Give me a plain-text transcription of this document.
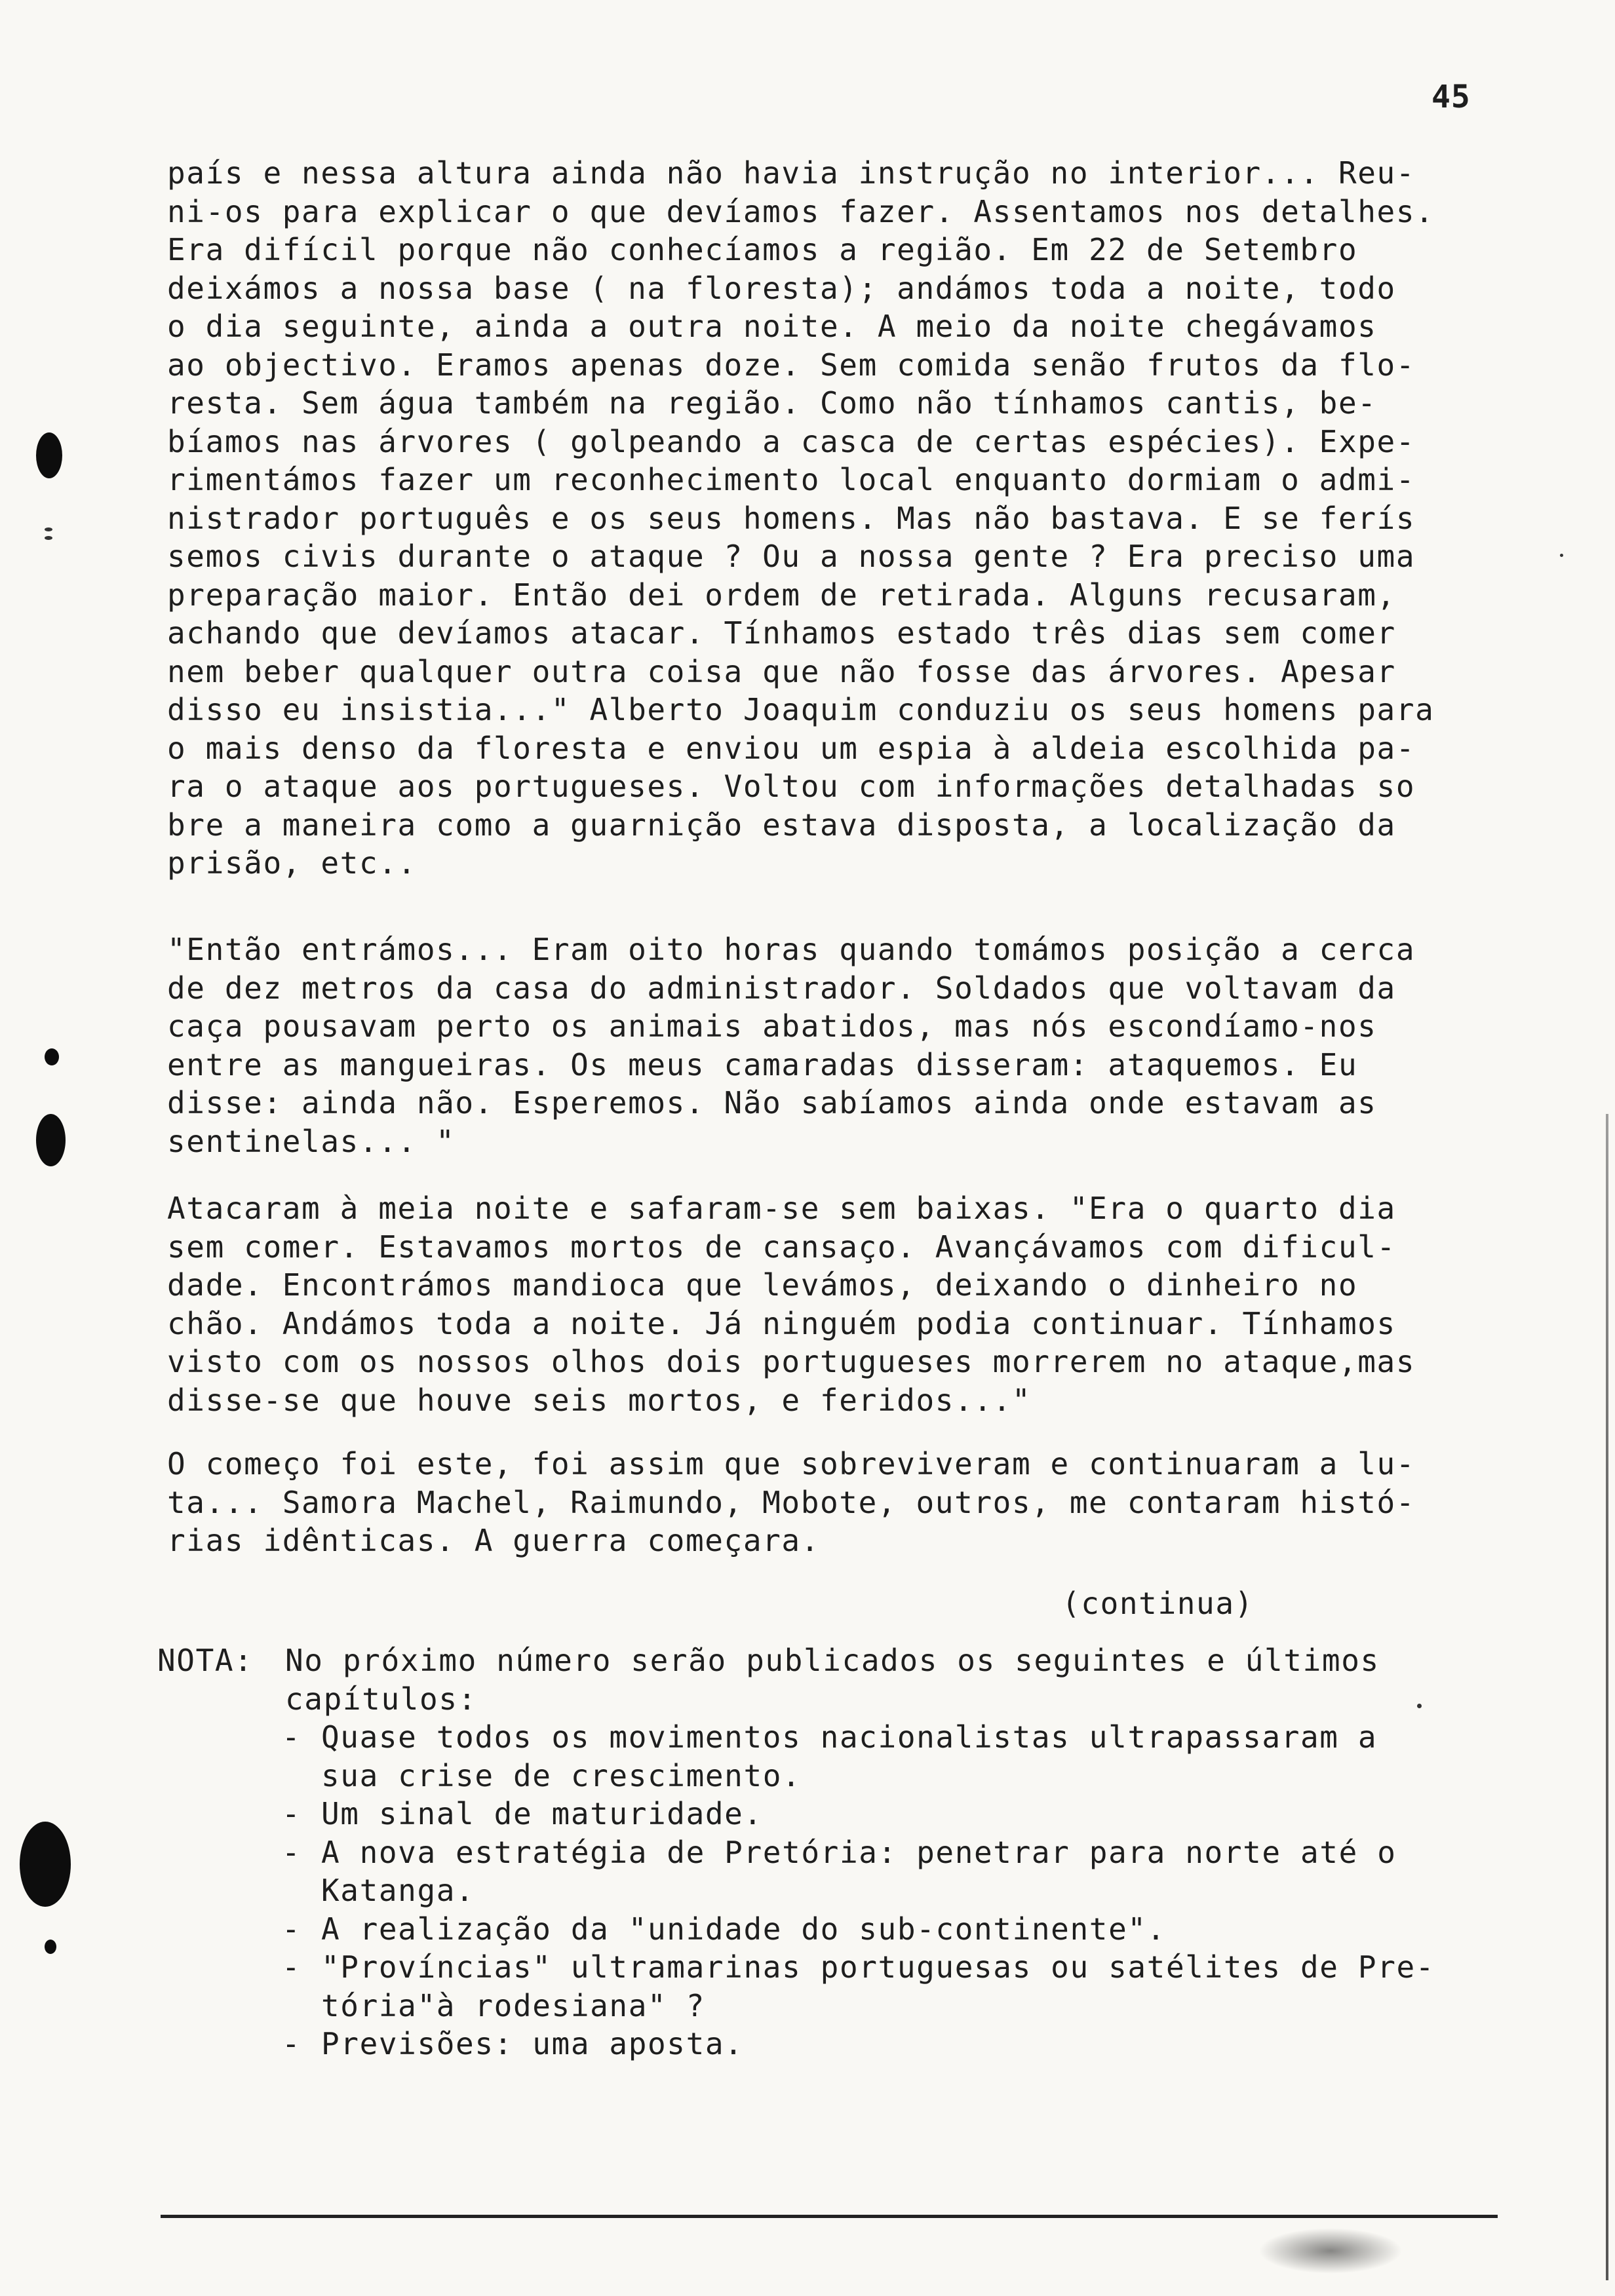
45
país e nessa altura ainda não havia instrução no interior... Reu-
ni-os para explicar o que devíamos fazer. Assentamos nos detalhes.
Era difícil porque não conhecíamos a região. Em 22 de Setembro
deixámos a nossa base ( na floresta); andámos toda a noite, todo
o dia seguinte, ainda a outra noite. A meio da noite chegávamos
ao objectivo. Eramos apenas doze. Sem comida senão frutos da flo-
resta. Sem água também na região. Como não tínhamos cantis, be-
bíamos nas árvores ( golpeando a casca de certas espécies). Expe-
rimentámos fazer um reconhecimento local enquanto dormiam o admi-
nistrador português e os seus homens. Mas não bastava. E se ferís
semos civis durante o ataque ? Ou a nossa gente ? Era preciso uma
preparação maior. Então dei ordem de retirada. Alguns recusaram,
achando que devíamos atacar. Tínhamos estado três dias sem comer
nem beber qualquer outra coisa que não fosse das árvores. Apesar
disso eu insistia..." Alberto Joaquim conduziu os seus homens para
o mais denso da floresta e enviou um espia à aldeia escolhida pa-
ra o ataque aos portugueses. Voltou com informações detalhadas so
bre a maneira como a guarnição estava disposta, a localização da
prisão, etc..
"Então entrámos... Eram oito horas quando tomámos posição a cerca
de dez metros da casa do administrador. Soldados que voltavam da
caça pousavam perto os animais abatidos, mas nós escondíamo-nos
entre as mangueiras. Os meus camaradas disseram: ataquemos. Eu
disse: ainda não. Esperemos. Não sabíamos ainda onde estavam as
sentinelas... "
Atacaram à meia noite e safaram-se sem baixas. "Era o quarto dia
sem comer. Estavamos mortos de cansaço. Avançávamos com dificul-
dade. Encontrámos mandioca que levámos, deixando o dinheiro no
chão. Andámos toda a noite. Já ninguém podia continuar. Tínhamos
visto com os nossos olhos dois portugueses morrerem no ataque,mas
disse-se que houve seis mortos, e feridos..."
O começo foi este, foi assim que sobreviveram e continuaram a lu-
ta... Samora Machel, Raimundo, Mobote, outros, me contaram histó-
rias idênticas. A guerra começara.
(continua)
NOTA: No próximo número serão publicados os seguintes e últimos
capítulos:
- Quase todos os movimentos nacionalistas ultrapassaram a
sua crise de crescimento.
- Um sinal de maturidade.
- A nova estratégia de Pretória: penetrar para norte até o
Katanga.
- A realização da "unidade do sub-continente".
- "Províncias" ultramarinas portuguesas ou satélites de Pre-
tória"à rodesiana" ?
- Previsões: uma aposta.
